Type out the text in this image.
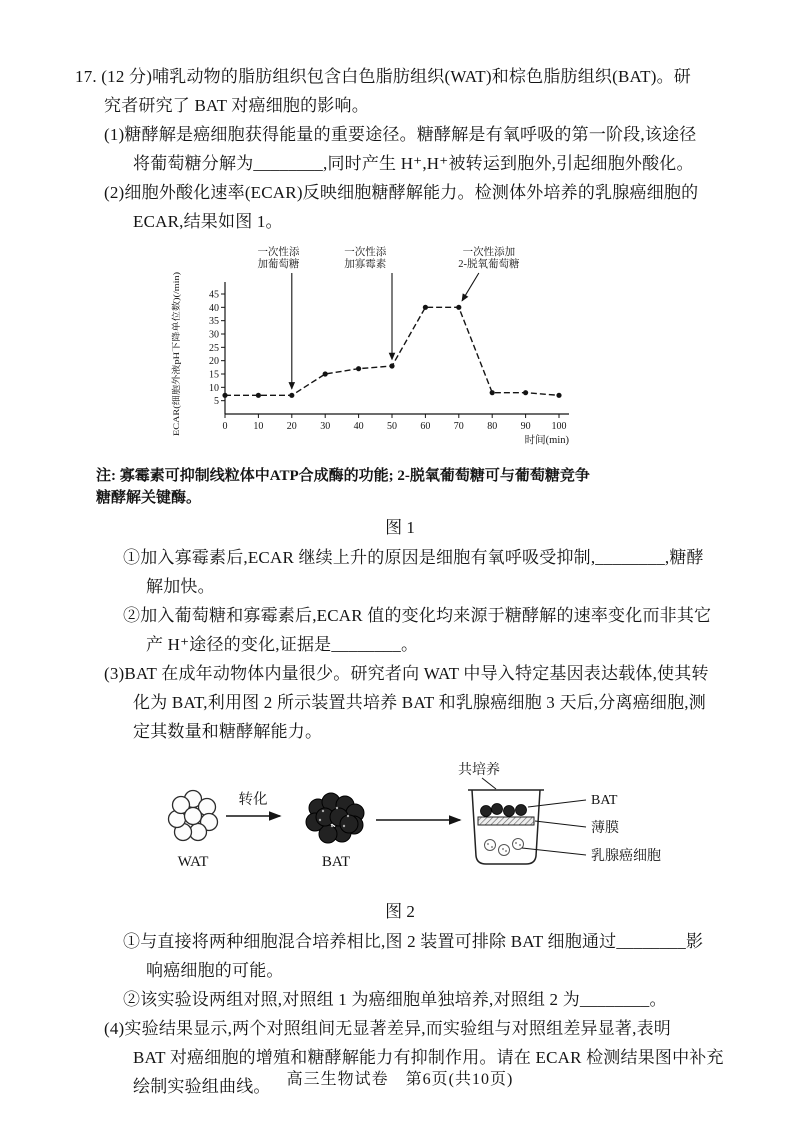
17. (12 分)哺乳动物的脂肪组织包含白色脂肪组织(WAT)和棕色脂肪组织(BAT)。研
究者研究了 BAT 对癌细胞的影响。
(1)糖酵解是癌细胞获得能量的重要途径。糖酵解是有氧呼吸的第一阶段,该途径
将葡萄糖分解为________,同时产生 H⁺,H⁺被转运到胞外,引起细胞外酸化。
(2)细胞外酸化速率(ECAR)反映细胞糖酵解能力。检测体外培养的乳腺癌细胞的
ECAR,结果如图 1。
5
10
15
20
25
30
35
40
45
0	10 20 30 40 50 60 70 80 90 100
时间(min)
ECAR(细胞外液pH下降单位数)(/min)
一次性添
加葡萄糖
一次性添
加寡霉素
一次性添加
2-脱氧葡萄糖
注: 寡霉素可抑制线粒体中ATP合成酶的功能; 2-脱氧葡萄糖可与葡萄糖竞争
糖酵解关键酶。
图 1
①加入寡霉素后,ECAR 继续上升的原因是细胞有氧呼吸受抑制,________,糖酵
解加快。
②加入葡萄糖和寡霉素后,ECAR 值的变化均来源于糖酵解的速率变化而非其它
产 H⁺途径的变化,证据是________。
(3)BAT 在成年动物体内量很少。研究者向 WAT 中导入特定基因表达载体,使其转
化为 BAT,利用图 2 所示装置共培养 BAT 和乳腺癌细胞 3 天后,分离癌细胞,测
定其数量和糖酵解能力。
WAT
转化
BAT
共培养
BAT
薄膜
乳腺癌细胞
图 2
①与直接将两种细胞混合培养相比,图 2 装置可排除 BAT 细胞通过________影
响癌细胞的可能。
②该实验设两组对照,对照组 1 为癌细胞单独培养,对照组 2 为________。
(4)实验结果显示,两个对照组间无显著差异,而实验组与对照组差异显著,表明
BAT 对癌细胞的增殖和糖酵解能力有抑制作用。请在 ECAR 检测结果图中补充
绘制实验组曲线。	高三生物试卷　第6页(共10页)
